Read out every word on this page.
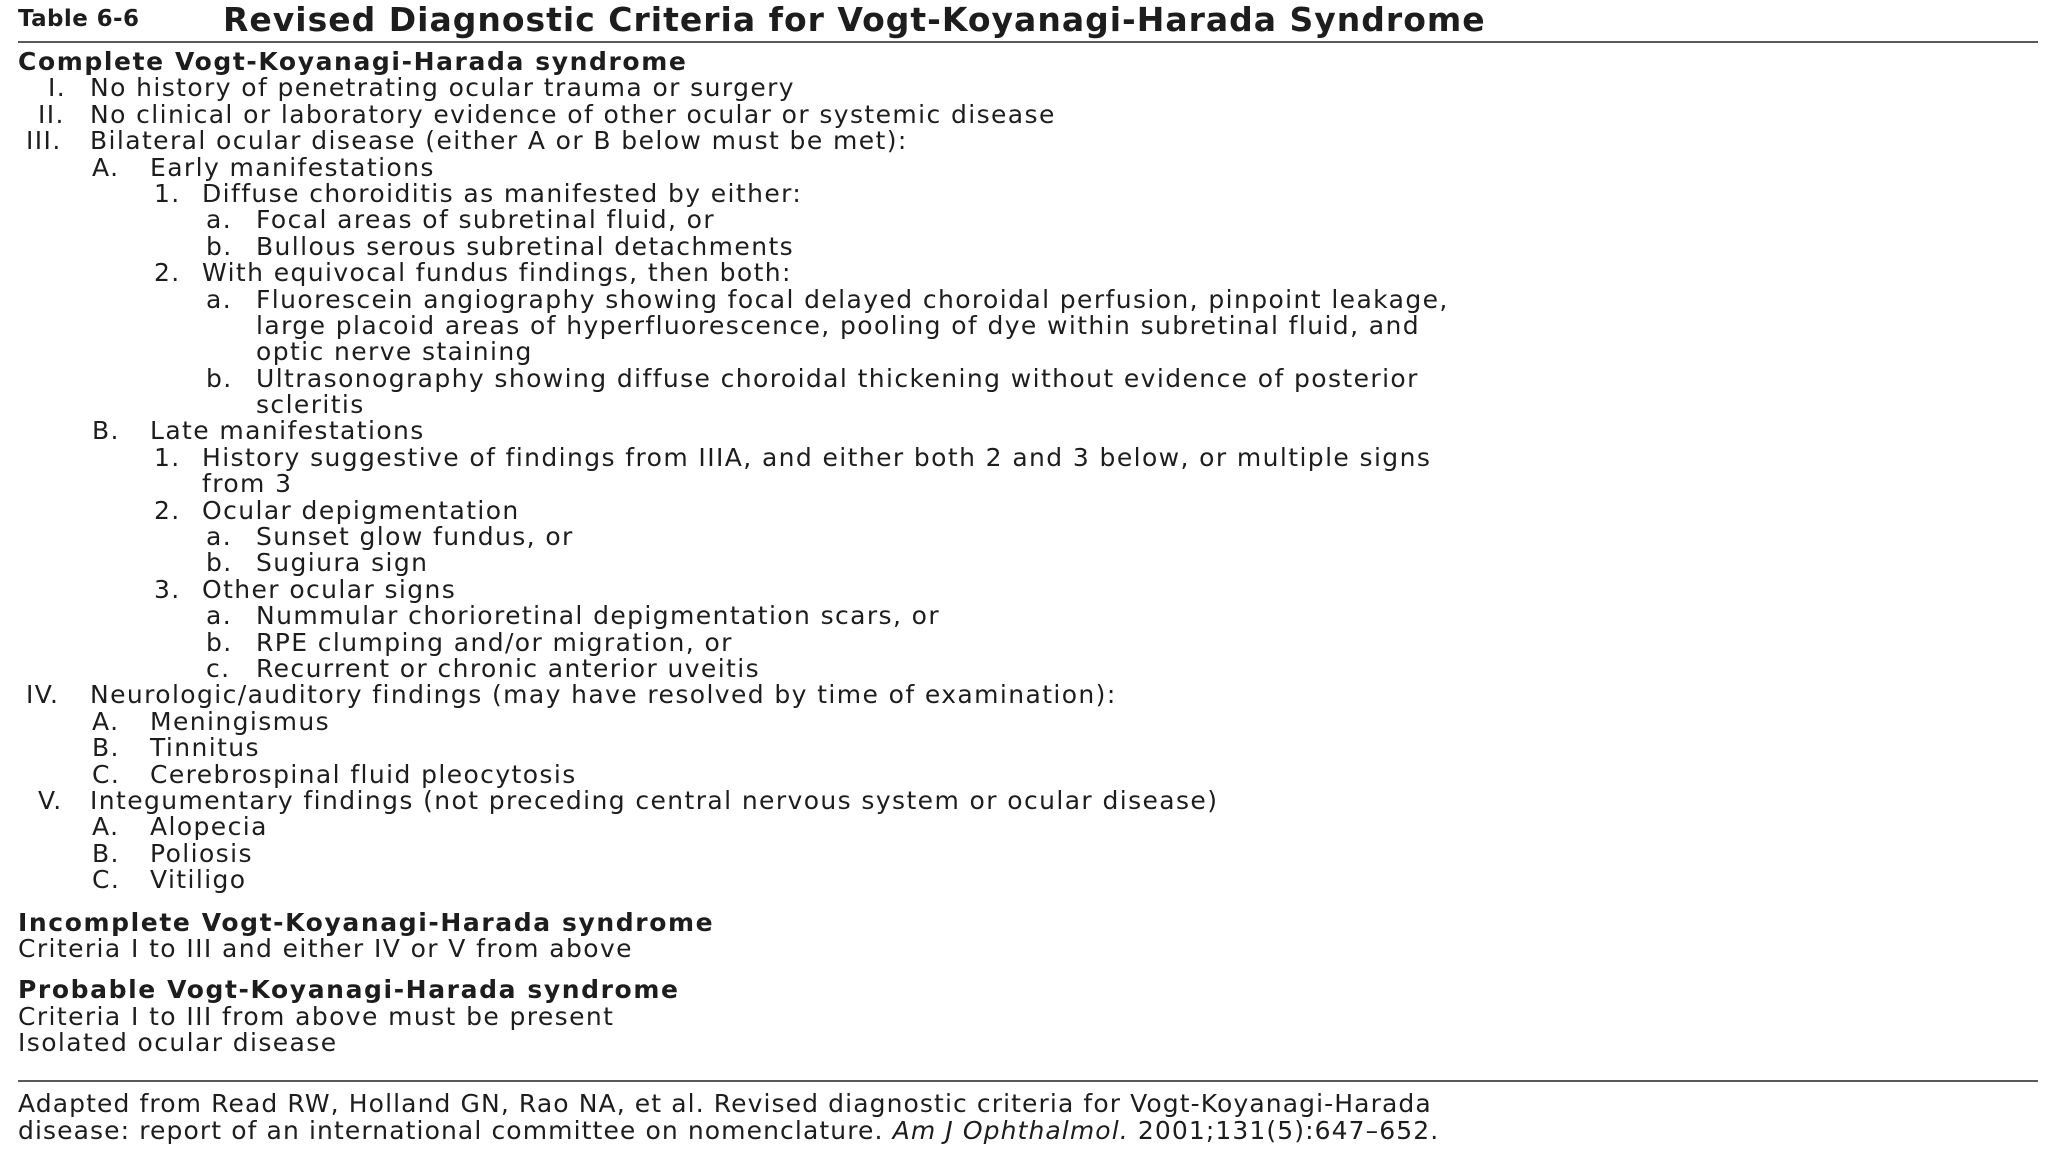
Table 6-6	Revised Diagnostic Criteria for Vogt-Koyanagi-Harada Syndrome
Complete Vogt-Koyanagi-Harada syndrome
I. No history of penetrating ocular trauma or surgery
II. No clinical or laboratory evidence of other ocular or systemic disease
III. Bilateral ocular disease (either A or B below must be met):
A. Early manifestations
1. Diffuse choroiditis as manifested by either:
a. Focal areas of subretinal fluid, or
b. Bullous serous subretinal detachments
2. With equivocal fundus findings, then both:
a. Fluorescein angiography showing focal delayed choroidal perfusion, pinpoint leakage,
large placoid areas of hyperfluorescence, pooling of dye within subretinal fluid, and
optic nerve staining
b. Ultrasonography showing diffuse choroidal thickening without evidence of posterior
scleritis
B. Late manifestations
1. History suggestive of findings from IIIA, and either both 2 and 3 below, or multiple signs
from 3
2. Ocular depigmentation
a. Sunset glow fundus, or
b. Sugiura sign
3. Other ocular signs
a. Nummular chorioretinal depigmentation scars, or
b. RPE clumping and/or migration, or
c. Recurrent or chronic anterior uveitis
IV. Neurologic/auditory findings (may have resolved by time of examination):
A. Meningismus
B. Tinnitus
C. Cerebrospinal fluid pleocytosis
V. Integumentary findings (not preceding central nervous system or ocular disease)
A. Alopecia
B. Poliosis
C. Vitiligo
Incomplete Vogt-Koyanagi-Harada syndrome
Criteria I to III and either IV or V from above
Probable Vogt-Koyanagi-Harada syndrome
Criteria I to III from above must be present
Isolated ocular disease
Adapted from Read RW, Holland GN, Rao NA, et al. Revised diagnostic criteria for Vogt-Koyanagi-Harada
disease: report of an international committee on nomenclature. Am J Ophthalmol. 2001;131(5):647–652.
